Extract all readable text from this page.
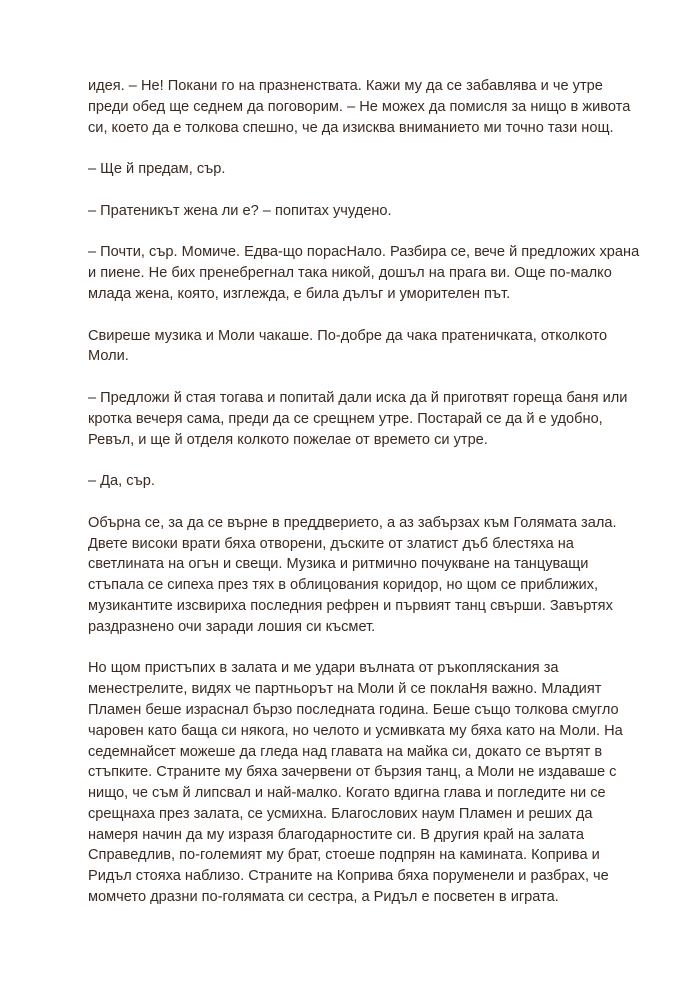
идея. – Не! Покани го на празненствата. Кажи му да се забавлява и че утре
преди обед ще седнем да поговорим. – Не можех да помисля за нищо в живота
си, което да е толкова спешно, че да изисква вниманието ми точно тази нощ.

– Ще й предам, сър.

– Пратеникът жена ли е? – попитах учудено.

– Почти, сър. Момиче. Едва-що порасНало. Разбира се, вече й предложих храна
и пиене. Не бих пренебрегнал така никой, дошъл на прага ви. Още по-малко
млада жена, която, изглежда, е била дълъг и уморителен път.

Свиреше музика и Моли чакаше. По-добре да чака пратеничката, отколкото
Моли.

– Предложи й стая тогава и попитай дали иска да й приготвят гореща баня или
кротка вечеря сама, преди да се срещнем утре. Постарай се да й е удобно,
Ревъл, и ще й отделя колкото пожелае от времето си утре.

– Да, сър.

Обърна се, за да се върне в преддверието, а аз забързах към Голямата зала.
Двете високи врати бяха отворени, дъските от златист дъб блестяха на
светлината на огън и свещи. Музика и ритмично почукване на танцуващи
стъпала се сипеха през тях в облицования коридор, но щом се приближих,
музикантите изсвириха последния рефрен и първият танц свърши. Завъртях
раздразнено очи заради лошия си късмет.

Но щом пристъпих в залата и ме удари вълната от ръкопляскания за
менестрелите, видях че партньорът на Моли й се поклаНя важно. Младият
Пламен беше израснал бързо последната година. Беше също толкова смугло
чаровен като баща си някога, но челото и усмивката му бяха като на Моли. На
седемнайсет можеше да гледа над главата на майка си, докато се въртят в
стъпките. Страните му бяха зачервени от бързия танц, а Моли не издаваше с
нищо, че съм й липсвал и най-малко. Когато вдигна глава и погледите ни се
срещнаха през залата, се усмихна. Благослових наум Пламен и реших да
намеря начин да му изразя благодарностите си. В другия край на залата
Справедлив, по-големият му брат, стоеше подпрян на камината. Коприва и
Ридъл стояха наблизо. Страните на Коприва бяха поруменели и разбрах, че
момчето дразни по-голямата си сестра, а Ридъл е посветен в играта.
